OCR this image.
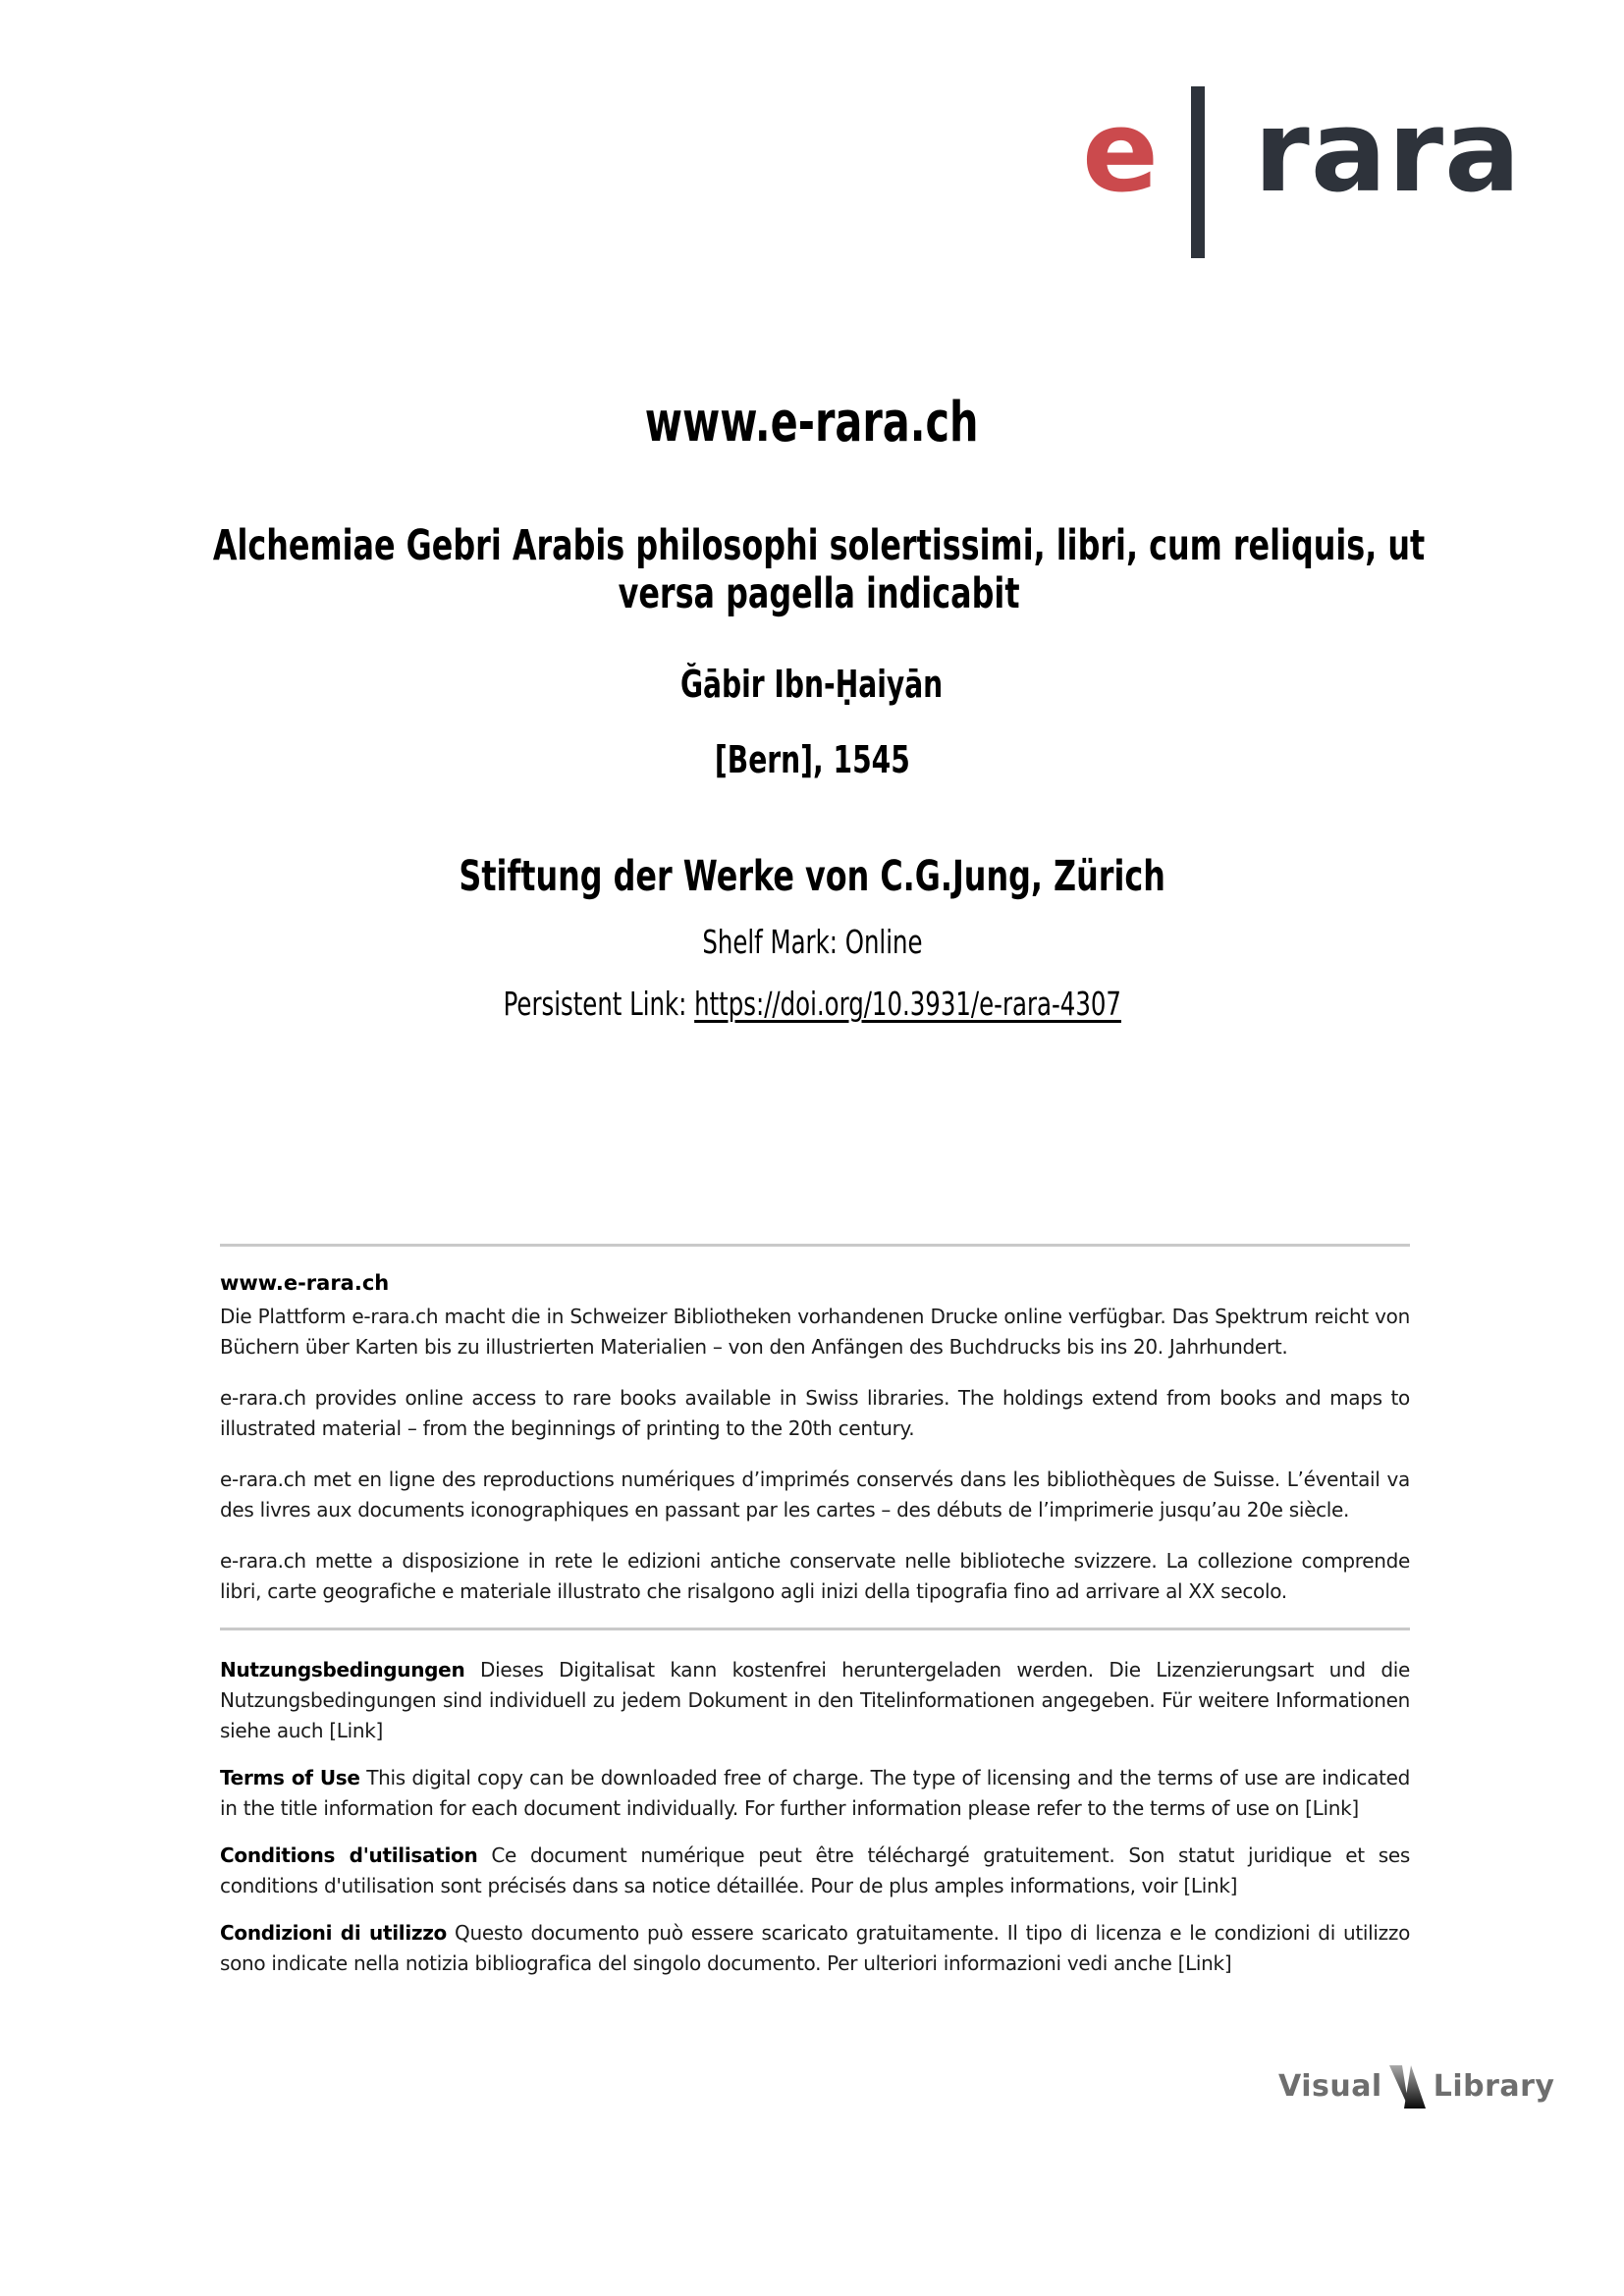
e rara
www.e-rara.ch
Alchemiae Gebri Arabis philosophi solertissimi, libri, cum reliquis, ut
versa pagella indicabit
Ğābir Ibn-Ḥaiyān
[Bern], 1545
Stiftung der Werke von C.G.Jung, Zürich
Shelf Mark: Online
Persistent Link: https://doi.org/10.3931/e-rara-4307
www.e-rara.ch

Die Plattform e-rara.ch macht die in Schweizer Bibliotheken vorhandenen Drucke online verfügbar. Das Spektrum reicht von Büchern über Karten bis zu illustrierten Materialien – von den Anfängen des Buchdrucks bis ins 20. Jahrhundert.

e-rara.ch provides online access to rare books available in Swiss libraries. The holdings extend from books and maps to illustrated material – from the beginnings of printing to the 20th century.

e-rara.ch met en ligne des reproductions numériques d’imprimés conservés dans les bibliothèques de Suisse. L’éventail va des livres aux documents iconographiques en passant par les cartes – des débuts de l’imprimerie jusqu’au 20e siècle.

e-rara.ch mette a disposizione in rete le edizioni antiche conservate nelle biblioteche svizzere. La collezione comprende libri, carte geografiche e materiale illustrato che risalgono agli inizi della tipografia fino ad arrivare al XX secolo.

Nutzungsbedingungen Dieses Digitalisat kann kostenfrei heruntergeladen werden. Die Lizenzierungsart und die Nutzungsbedingungen sind individuell zu jedem Dokument in den Titelinformationen angegeben. Für weitere Informationen siehe auch [Link]

Terms of Use This digital copy can be downloaded free of charge. The type of licensing and the terms of use are indicated in the title information for each document individually. For further information please refer to the terms of use on [Link]

Conditions d'utilisation Ce document numérique peut être téléchargé gratuitement. Son statut juridique et ses conditions d'utilisation sont précisés dans sa notice détaillée. Pour de plus amples informations, voir [Link]

Condizioni di utilizzo Questo documento può essere scaricato gratuitamente. Il tipo di licenza e le condizioni di utilizzo sono indicate nella notizia bibliografica del singolo documento. Per ulteriori informazioni vedi anche [Link]

Visual Library
